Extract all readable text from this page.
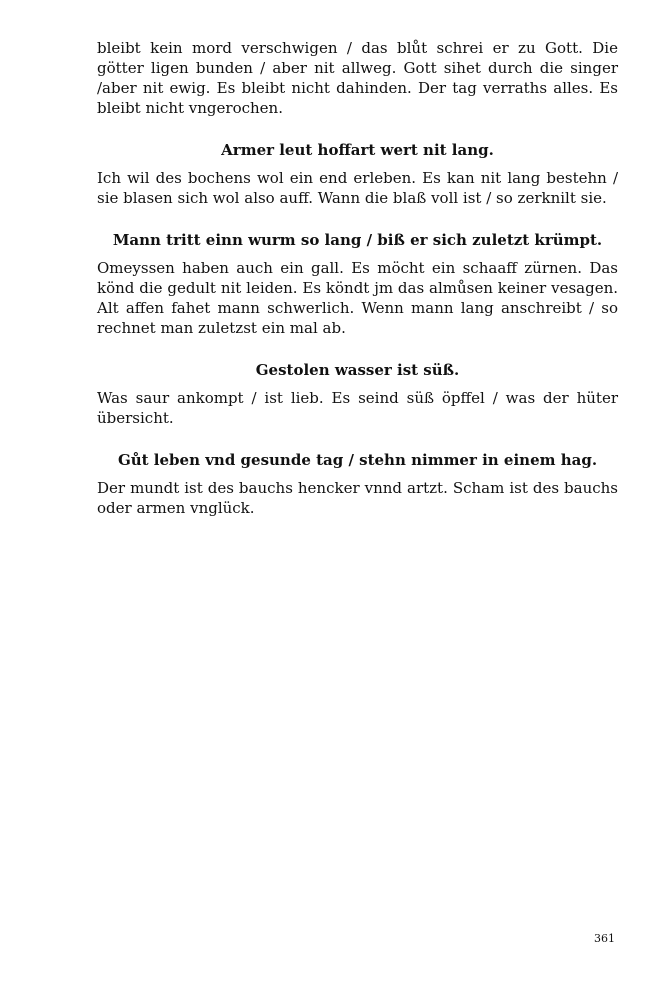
bleibt kein mord verschwigen / das blůt schrei er zu Gott. Die götter ligen bunden / aber nit allweg. Gott sihet durch die singer /aber nit ewig. Es bleibt nicht dahinden. Der tag verraths alles. Es bleibt nicht vngerochen.

Armer leut hoffart wert nit lang.

Ich wil des bochens wol ein end erleben. Es kan nit lang bestehn / sie blasen sich wol also auff. Wann die blaß voll ist / so zerknilt sie.

Mann tritt einn wurm so lang / biß er sich zuletzt krümpt.

Omeyssen haben auch ein gall. Es möcht ein schaaff zürnen. Das könd die gedult nit leiden. Es köndt jm das almůsen keiner vesagen. Alt affen fahet mann schwerlich. Wenn mann lang anschreibt / so rechnet man zuletzst ein mal ab.

Gestolen wasser ist süß.

Was saur ankompt / ist lieb. Es seind süß öpffel / was der hüter übersicht.

Gůt leben vnd gesunde tag / stehn nimmer in einem hag.

Der mundt ist des bauchs hencker vnnd artzt. Scham ist des bauchs oder armen vnglück.

361
